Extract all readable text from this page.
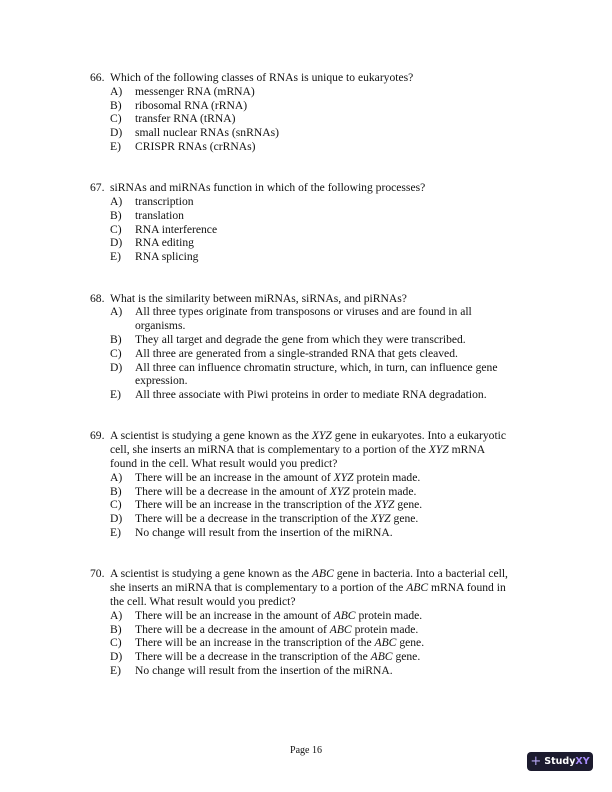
66. Which of the following classes of RNAs is unique to eukaryotes?
A)	messenger RNA (mRNA)
B)	ribosomal RNA (rRNA)
C)	transfer RNA (tRNA)
D)	small nuclear RNAs (snRNAs)
E)	CRISPR RNAs (crRNAs)
67. siRNAs and miRNAs function in which of the following processes?
A)	transcription
B)	translation
C)	RNA interference
D)	RNA editing
E)	RNA splicing
68. What is the similarity between miRNAs, siRNAs, and piRNAs?
A)	All three types originate from transposons or viruses and are found in all organisms.
B)	They all target and degrade the gene from which they were transcribed.
C)	All three are generated from a single-stranded RNA that gets cleaved.
D)	All three can influence chromatin structure, which, in turn, can influence gene expression.
E)	All three associate with Piwi proteins in order to mediate RNA degradation.
69. A scientist is studying a gene known as the XYZ gene in eukaryotes. Into a eukaryotic cell, she inserts an miRNA that is complementary to a portion of the XYZ mRNA found in the cell. What result would you predict?
A)	There will be an increase in the amount of XYZ protein made.
B)	There will be a decrease in the amount of XYZ protein made.
C)	There will be an increase in the transcription of the XYZ gene.
D)	There will be a decrease in the transcription of the XYZ gene.
E)	No change will result from the insertion of the miRNA.
70. A scientist is studying a gene known as the ABC gene in bacteria. Into a bacterial cell, she inserts an miRNA that is complementary to a portion of the ABC mRNA found in the cell. What result would you predict?
A)	There will be an increase in the amount of ABC protein made.
B)	There will be a decrease in the amount of ABC protein made.
C)	There will be an increase in the transcription of the ABC gene.
D)	There will be a decrease in the transcription of the ABC gene.
E)	No change will result from the insertion of the miRNA.
Page 16
+ StudyXY
